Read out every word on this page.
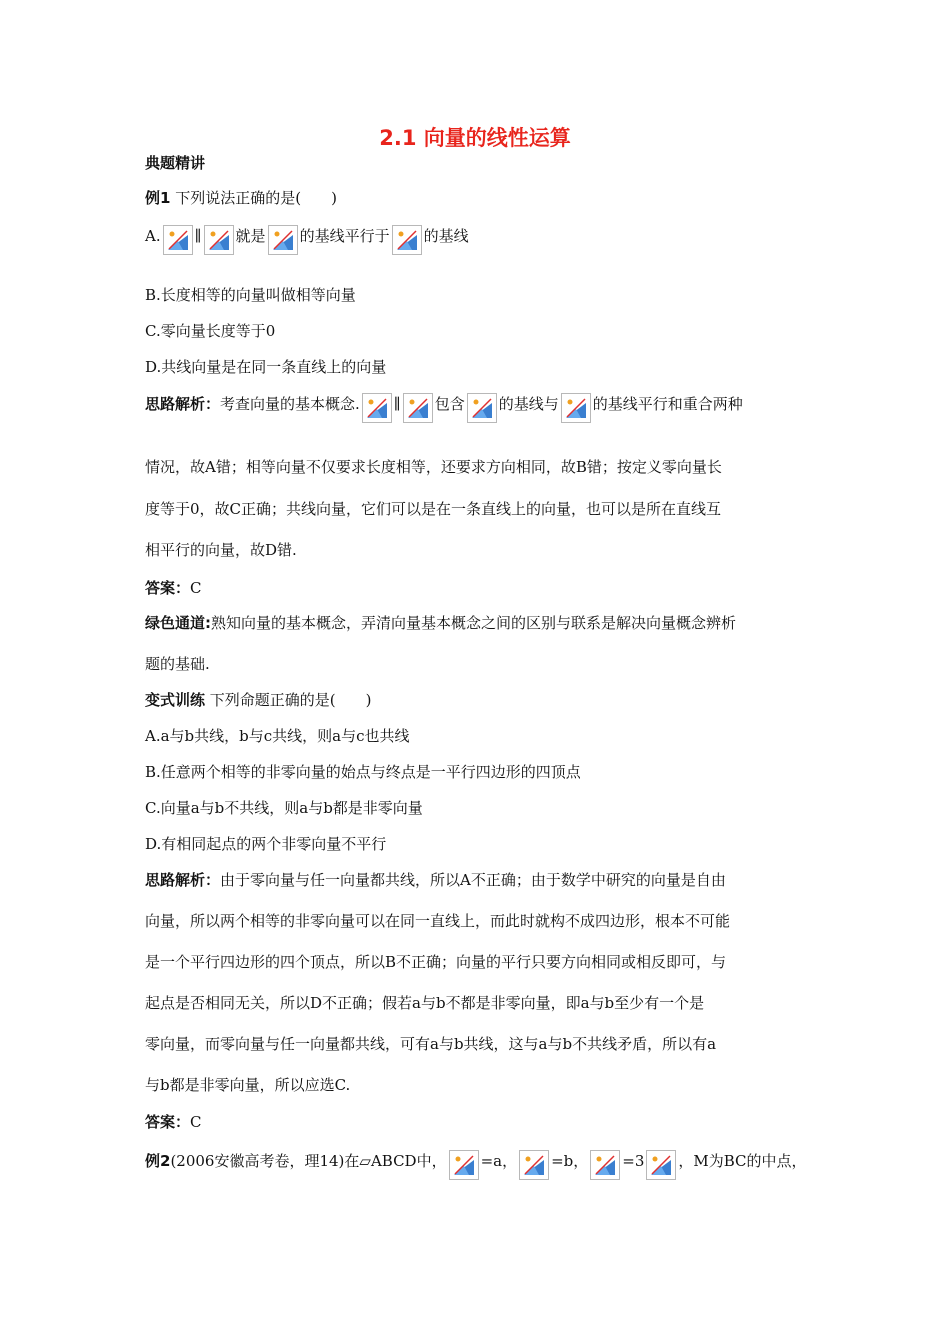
2.1 向量的线性运算
典题精讲
例1 下列说法正确的是(　　)
A. ∥ 就是 的基线平行于 的基线
B.长度相等的向量叫做相等向量
C.零向量长度等于0
D.共线向量是在同一条直线上的向量
思路解析：考查向量的基本概念. ∥ 包含 的基线与 的基线平行和重合两种
情况，故A错；相等向量不仅要求长度相等，还要求方向相同，故B错；按定义零向量长
度等于0，故C正确；共线向量，它们可以是在一条直线上的向量，也可以是所在直线互
相平行的向量，故D错.
答案：C
绿色通道:熟知向量的基本概念，弄清向量基本概念之间的区别与联系是解决向量概念辨析
题的基础.
变式训练 下列命题正确的是(　　)
A.a与b共线，b与c共线，则a与c也共线
B.任意两个相等的非零向量的始点与终点是一平行四边形的四顶点
C.向量a与b不共线，则a与b都是非零向量
D.有相同起点的两个非零向量不平行
思路解析：由于零向量与任一向量都共线，所以A不正确；由于数学中研究的向量是自由
向量，所以两个相等的非零向量可以在同一直线上，而此时就构不成四边形，根本不可能
是一个平行四边形的四个顶点，所以B不正确；向量的平行只要方向相同或相反即可，与
起点是否相同无关，所以D不正确；假若a与b不都是非零向量，即a与b至少有一个是
零向量，而零向量与任一向量都共线，可有a与b共线，这与a与b不共线矛盾，所以有a
与b都是非零向量，所以应选C.
答案：C
例2(2006安徽高考卷，理14)在▱ABCD中， =a， =b， =3 ，M为BC的中点，
